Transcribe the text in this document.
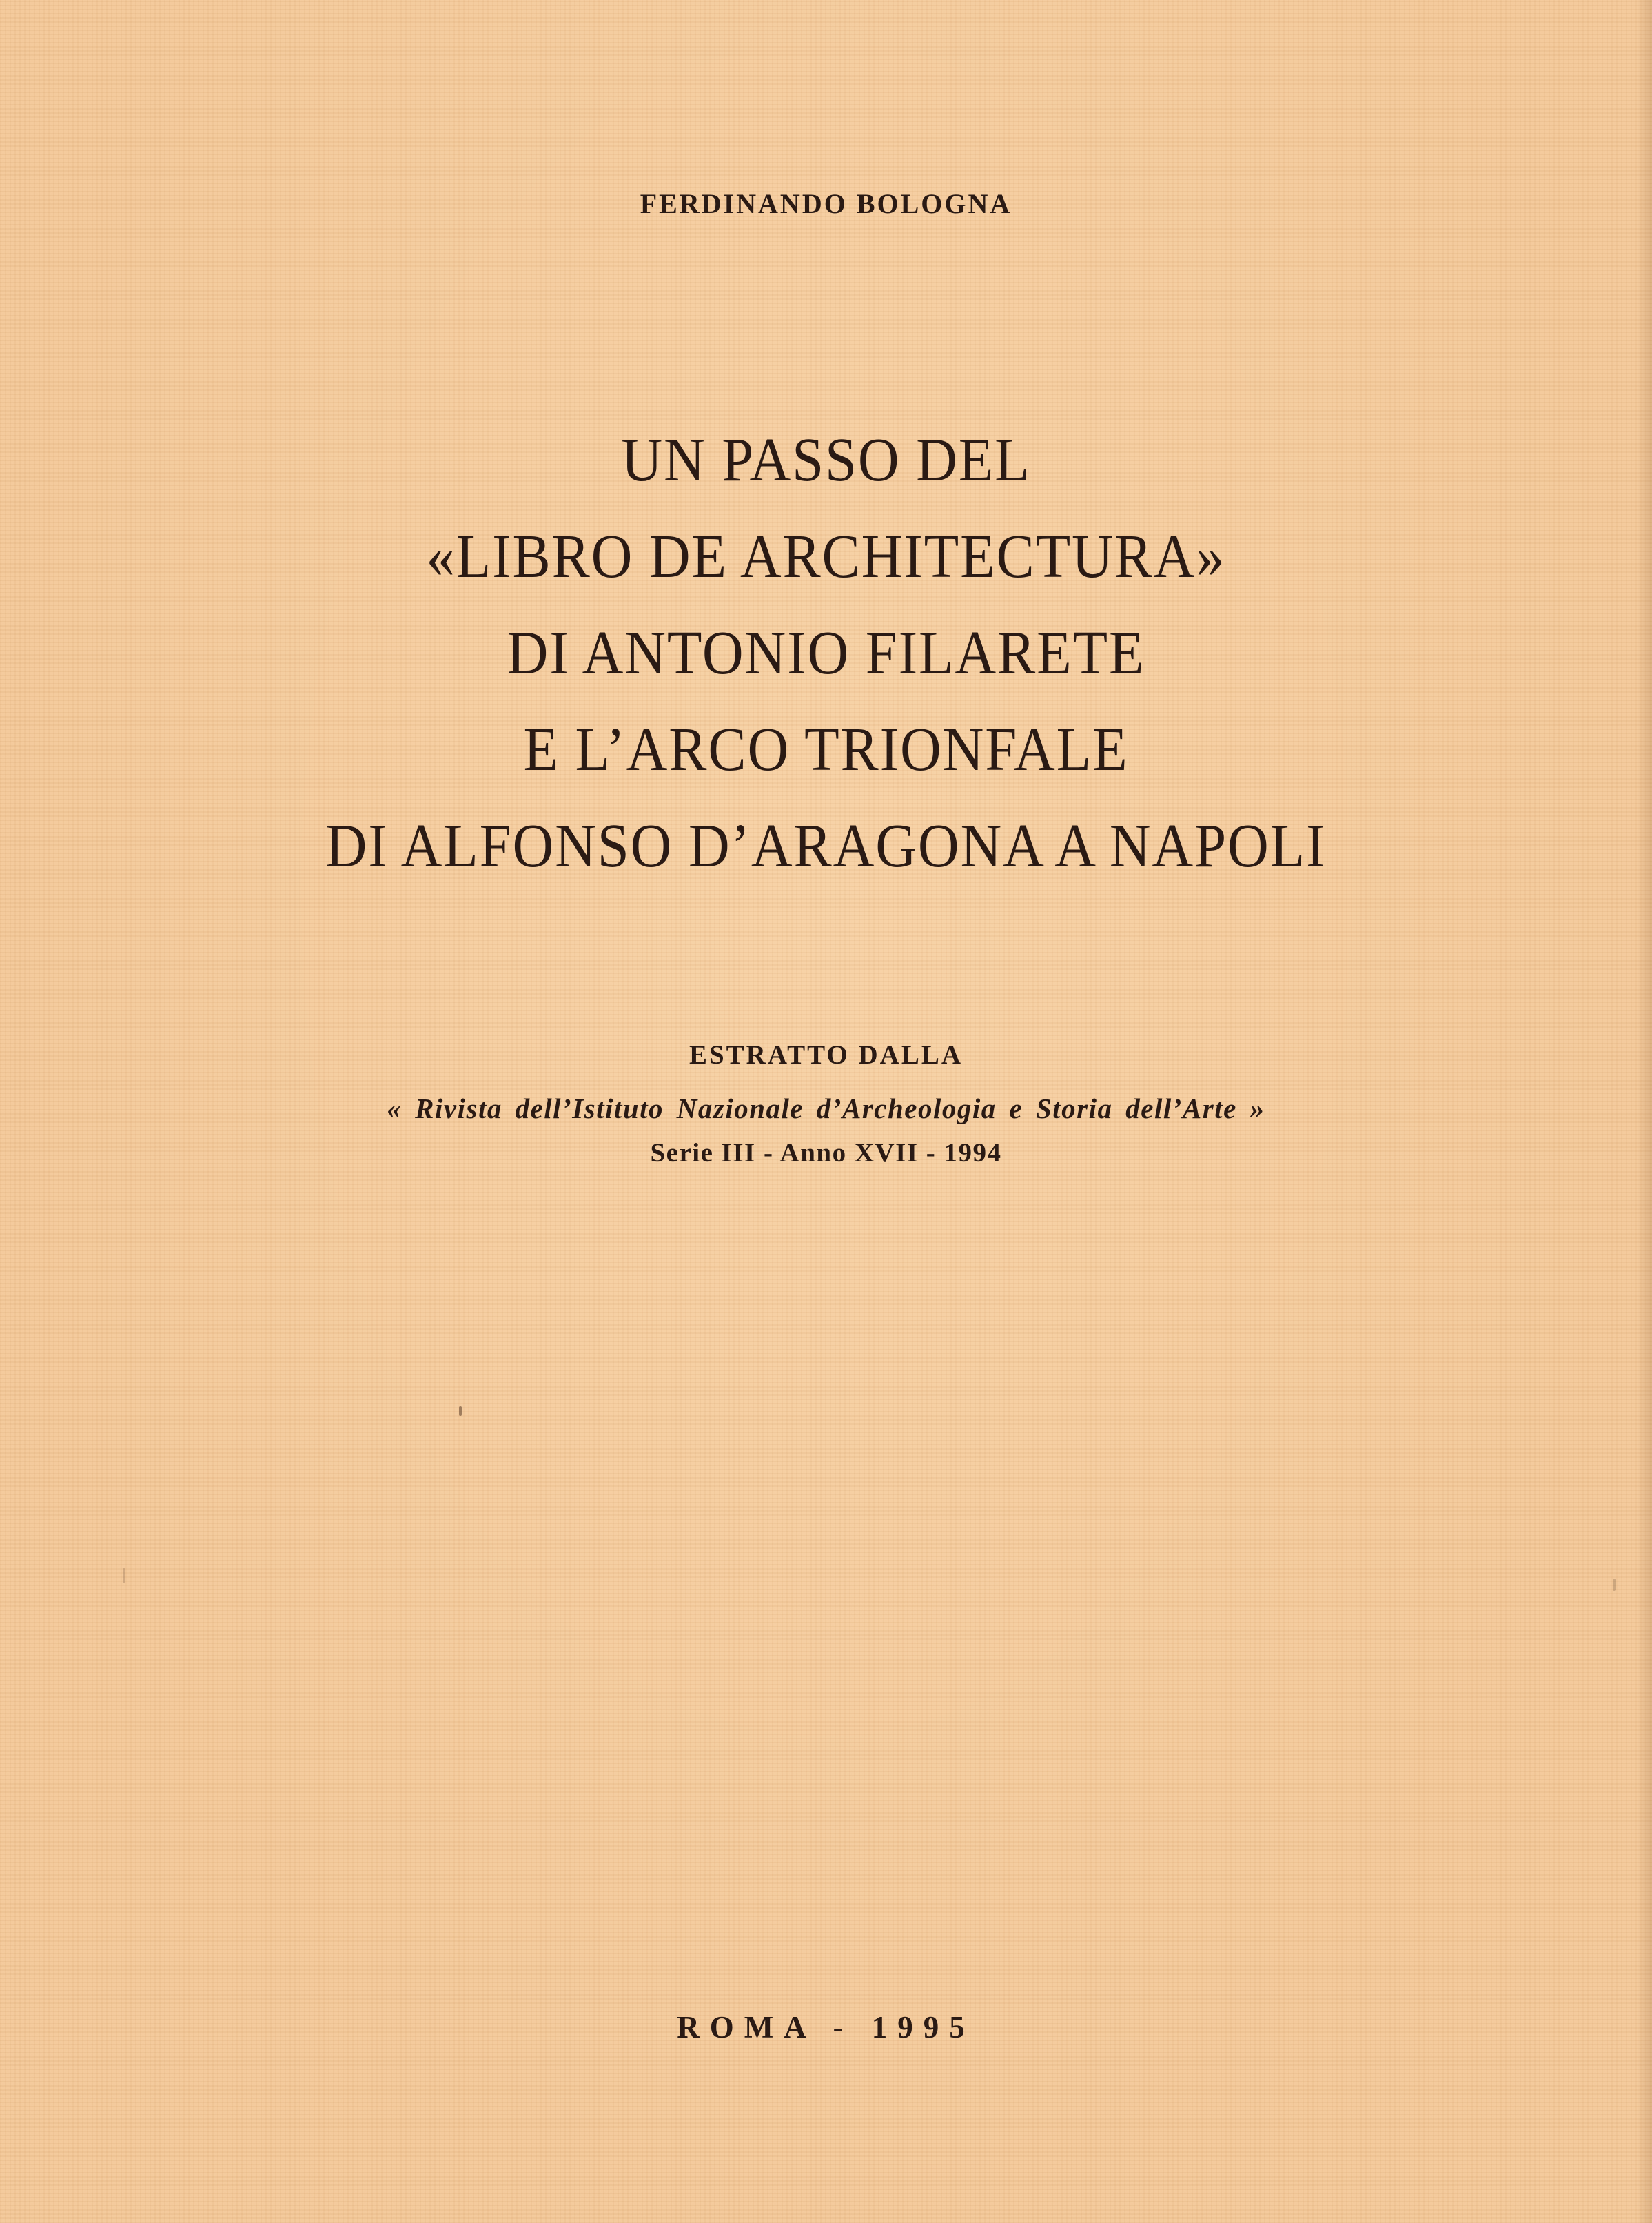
FERDINANDO BOLOGNA
UN PASSO DEL
«LIBRO DE ARCHITECTURA»
DI ANTONIO FILARETE
E L’ARCO TRIONFALE
DI ALFONSO D’ARAGONA A NAPOLI
ESTRATTO DALLA
« Rivista dell’Istituto Nazionale d’Archeologia e Storia dell’Arte »
Serie III - Anno XVII - 1994
ROMA - 1995
